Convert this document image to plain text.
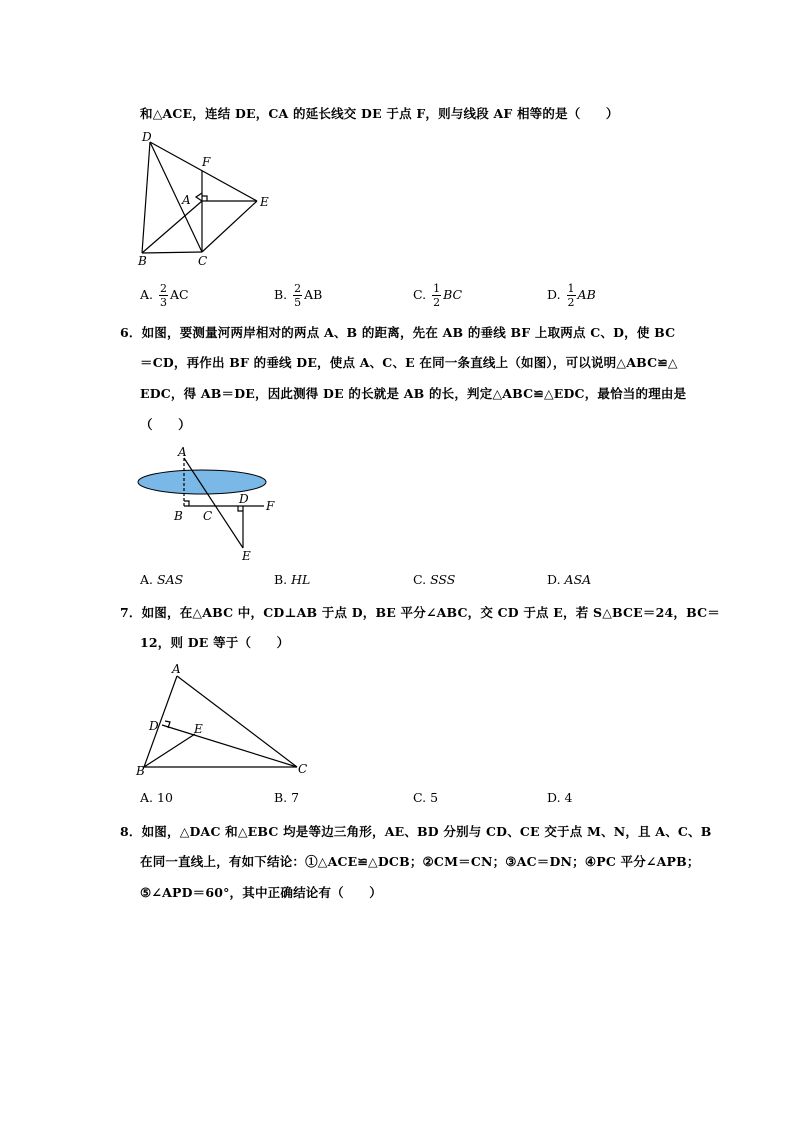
和△ACE，连结 DE，CA 的延长线交 DE 于点 F，则与线段 AF 相等的是（　　）
D
F
A	E
B	C
A. $\frac{2}{3}$ AC	B. $\frac{2}{5}$ AB	C. $\frac{1}{2}$ BC	D. $\frac{1}{2}$ AB
6．如图，要测量河两岸相对的两点 A、B 的距离，先在 AB 的垂线 BF 上取两点 C、D，使 BC
＝CD，再作出 BF 的垂线 DE，使点 A、C、E 在同一条直线上（如图），可以说明△ABC≌△
EDC，得 AB＝DE，因此测得 DE 的长就是 AB 的长，判定△ABC≌△EDC，最恰当的理由是
（　　）
A
B C
D F
E
A. SAS	B. HL	C. SSS	D. ASA
7．如图，在△ABC 中，CD⊥AB 于点 D，BE 平分∠ABC，交 CD 于点 E，若 S△BCE＝24，BC＝
12，则 DE 等于（　　）
A
D	E
B	C
A. 10	B. 7	C. 5	D. 4
8．如图，△DAC 和△EBC 均是等边三角形，AE、BD 分别与 CD、CE 交于点 M、N，且 A、C、B
在同一直线上，有如下结论：①△ACE≌△DCB；②CM＝CN；③AC＝DN；④PC 平分∠APB；
⑤∠APD＝60°，其中正确结论有（　　）
